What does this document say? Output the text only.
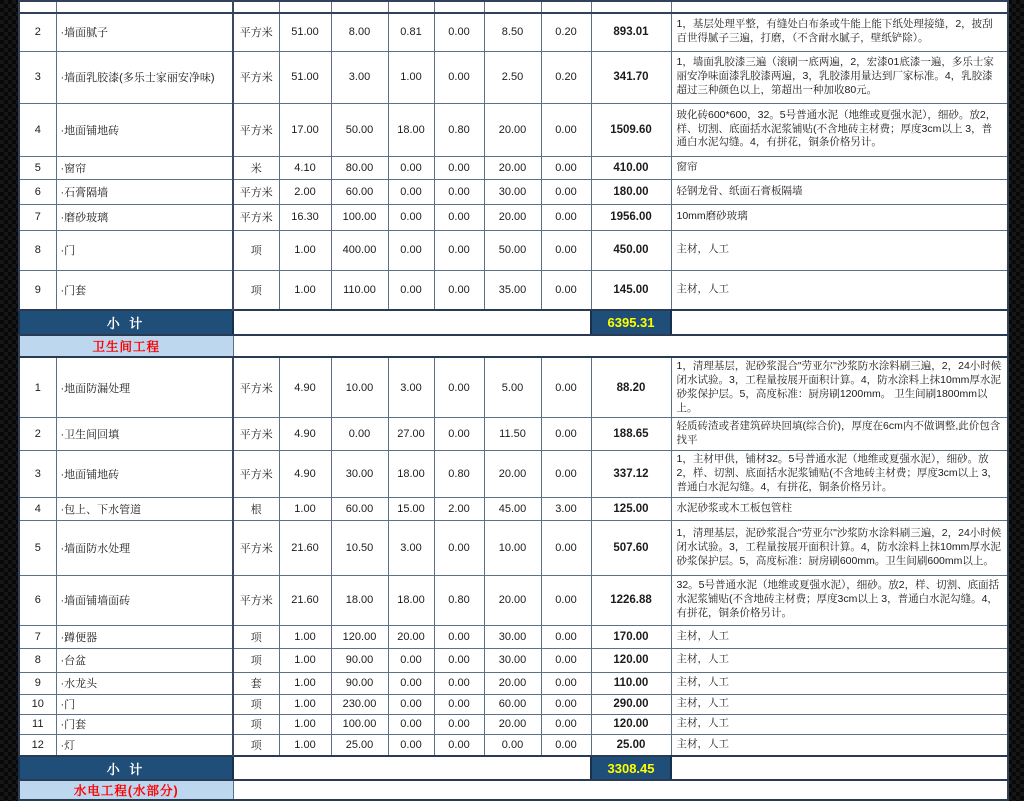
2	·墙面腻子	平方米	51.00	8.00	0.81	0.00	8.50	0.20	893.01	1，基层处理平整，有缝处白布条或牛能上能下纸处理接缝，2，披刮百世得腻子三遍，打磨，（不含耐水腻子，壁纸铲除）。
3	·墙面乳胶漆(多乐士家丽安净味)	平方米	51.00	3.00	1.00	0.00	2.50	0.20	341.70	1，墙面乳胶漆三遍（滚刷一底两遍，2，宏漆01底漆一遍，多乐士家丽安净味面漆乳胶漆两遍，3，乳胶漆用量达到厂家标准。4，乳胶漆超过三种颜色以上，第超出一种加收80元。
4	·地面铺地砖	平方米	17.00	50.00	18.00	0.80	20.00	0.00	1509.60	玻化砖600*600，32。5号普通水泥（地维或夏强水泥），细砂。放2，样、切割、底面括水泥浆铺贴(不含地砖主材费；厚度3cm以上 3，普通白水泥勾缝。4，有拼花，铜条价格另计。
5	·窗帘	米	4.10	80.00	0.00	0.00	20.00	0.00	410.00	窗帘
6	·石膏隔墙	平方米	2.00	60.00	0.00	0.00	30.00	0.00	180.00	轻钢龙骨、纸面石膏板隔墙
7	·磨砂玻璃	平方米	16.30	100.00	0.00	0.00	20.00	0.00	1956.00	10mm磨砂玻璃
8	·门	项	1.00	400.00	0.00	0.00	50.00	0.00	450.00	主材，人工
9	·门套	项	1.00	110.00	0.00	0.00	35.00	0.00	145.00	主材，人工
小 计									6395.31	
卫生间工程										
1	·地面防漏处理	平方米	4.90	10.00	3.00	0.00	5.00	0.00	88.20	1，清理基层，泥砂浆混合"劳亚尔"沙浆防水涂料刷三遍，2，24小时候闭水试验。3，工程量按展开面积计算。4，防水涂料上抹10mm厚水泥砂浆保护层。5，高度标准：厨房刷1200mm。 卫生间刷1800mm以上。
2	·卫生间回填	平方米	4.90	0.00	27.00	0.00	11.50	0.00	188.65	轻质砖渣或者建筑碎块回填(综合价)，厚度在6cm内不做调整,此价包含找平
3	·地面铺地砖	平方米	4.90	30.00	18.00	0.80	20.00	0.00	337.12	1，主材甲供，铺材32。5号普通水泥（地维或夏强水泥），细砂。放2，样、切割、底面括水泥浆铺贴(不含地砖主材费；厚度3cm以上 3，普通白水泥勾缝。4，有拼花，铜条价格另计。
4	·包上、下水管道	根	1.00	60.00	15.00	2.00	45.00	3.00	125.00	水泥砂浆或木工板包管柱
5	·墙面防水处理	平方米	21.60	10.50	3.00	0.00	10.00	0.00	507.60	1，清理基层，泥砂浆混合"劳亚尔"沙浆防水涂料刷三遍，2，24小时候闭水试验。3，工程量按展开面积计算。4，防水涂料上抹10mm厚水泥砂浆保护层。5，高度标准：厨房刷600mm。卫生间刷600mm以上。
6	·墙面铺墙面砖	平方米	21.60	18.00	18.00	0.80	20.00	0.00	1226.88	32。5号普通水泥（地维或夏强水泥），细砂。放2，样、切割、底面括水泥浆铺贴(不含地砖主材费；厚度3cm以上 3，普通白水泥勾缝。4，有拼花，铜条价格另计。
7	·蹲便器	项	1.00	120.00	20.00	0.00	30.00	0.00	170.00	主材，人工
8	·台盆	项	1.00	90.00	0.00	0.00	30.00	0.00	120.00	主材，人工
9	·水龙头	套	1.00	90.00	0.00	0.00	20.00	0.00	110.00	主材，人工
10	·门	项	1.00	230.00	0.00	0.00	60.00	0.00	290.00	主材，人工
11	·门套	项	1.00	100.00	0.00	0.00	20.00	0.00	120.00	主材，人工
12	·灯	项	1.00	25.00	0.00	0.00	0.00	0.00	25.00	主材，人工
小 计									3308.45	
水电工程(水部分)										
